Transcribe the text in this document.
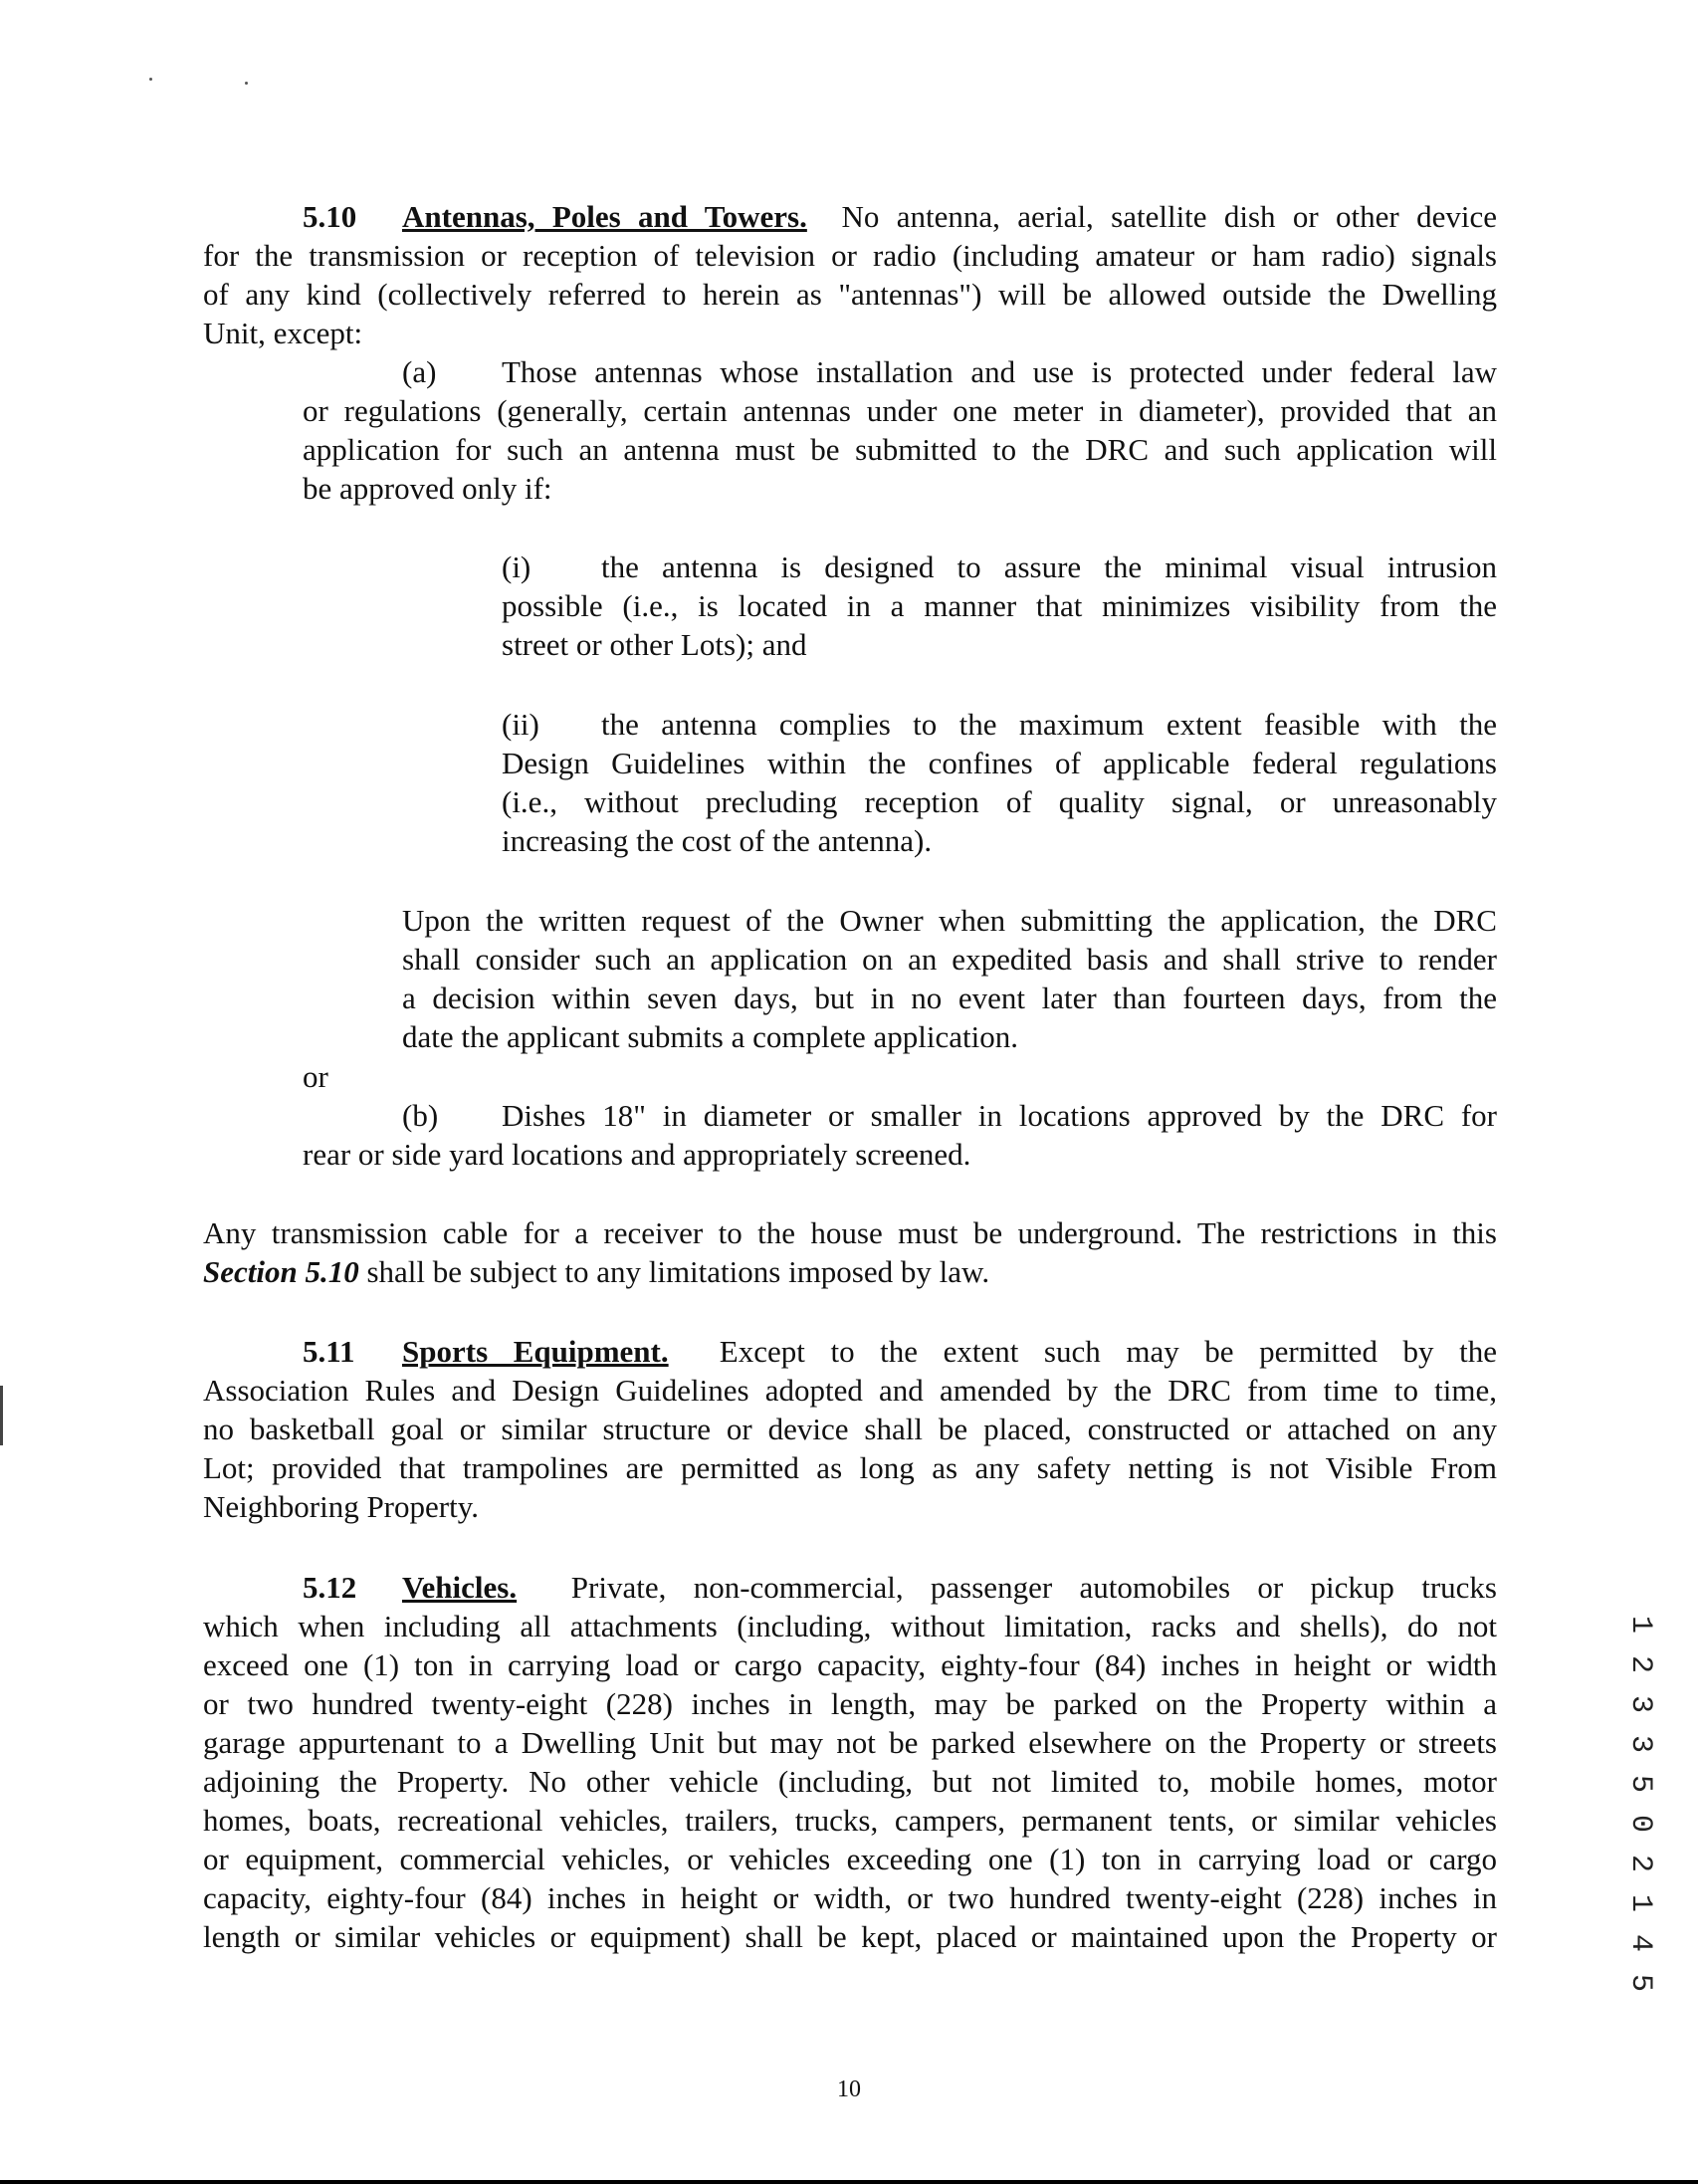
5.10 Antennas, Poles and Towers. No antenna, aerial, satellite dish or other device
for the transmission or reception of television or radio (including amateur or ham radio) signals
of any kind (collectively referred to herein as "antennas") will be allowed outside the Dwelling
Unit, except:
(a) Those antennas whose installation and use is protected under federal law
or regulations (generally, certain antennas under one meter in diameter), provided that an
application for such an antenna must be submitted to the DRC and such application will
be approved only if:
(i) the antenna is designed to assure the minimal visual intrusion
possible (i.e., is located in a manner that minimizes visibility from the
street or other Lots); and
(ii) the antenna complies to the maximum extent feasible with the
Design Guidelines within the confines of applicable federal regulations
(i.e., without precluding reception of quality signal, or unreasonably
increasing the cost of the antenna).
Upon the written request of the Owner when submitting the application, the DRC
shall consider such an application on an expedited basis and shall strive to render
a decision within seven days, but in no event later than fourteen days, from the
date the applicant submits a complete application.
or
(b) Dishes 18" in diameter or smaller in locations approved by the DRC for
rear or side yard locations and appropriately screened.
Any transmission cable for a receiver to the house must be underground. The restrictions in this
Section 5.10 shall be subject to any limitations imposed by law.
5.11 Sports Equipment. Except to the extent such may be permitted by the
Association Rules and Design Guidelines adopted and amended by the DRC from time to time,
no basketball goal or similar structure or device shall be placed, constructed or attached on any
Lot; provided that trampolines are permitted as long as any safety netting is not Visible From
Neighboring Property.
5.12 Vehicles. Private, non-commercial, passenger automobiles or pickup trucks
which when including all attachments (including, without limitation, racks and shells), do not
exceed one (1) ton in carrying load or cargo capacity, eighty-four (84) inches in height or width
or two hundred twenty-eight (228) inches in length, may be parked on the Property within a
garage appurtenant to a Dwelling Unit but may not be parked elsewhere on the Property or streets
adjoining the Property. No other vehicle (including, but not limited to, mobile homes, motor
homes, boats, recreational vehicles, trailers, trucks, campers, permanent tents, or similar vehicles
or equipment, commercial vehicles, or vehicles exceeding one (1) ton in carrying load or cargo
capacity, eighty-four (84) inches in height or width, or two hundred twenty-eight (228) inches in
length or similar vehicles or equipment) shall be kept, placed or maintained upon the Property or
1
2
3
3
5
0
2
1
4
5
10
